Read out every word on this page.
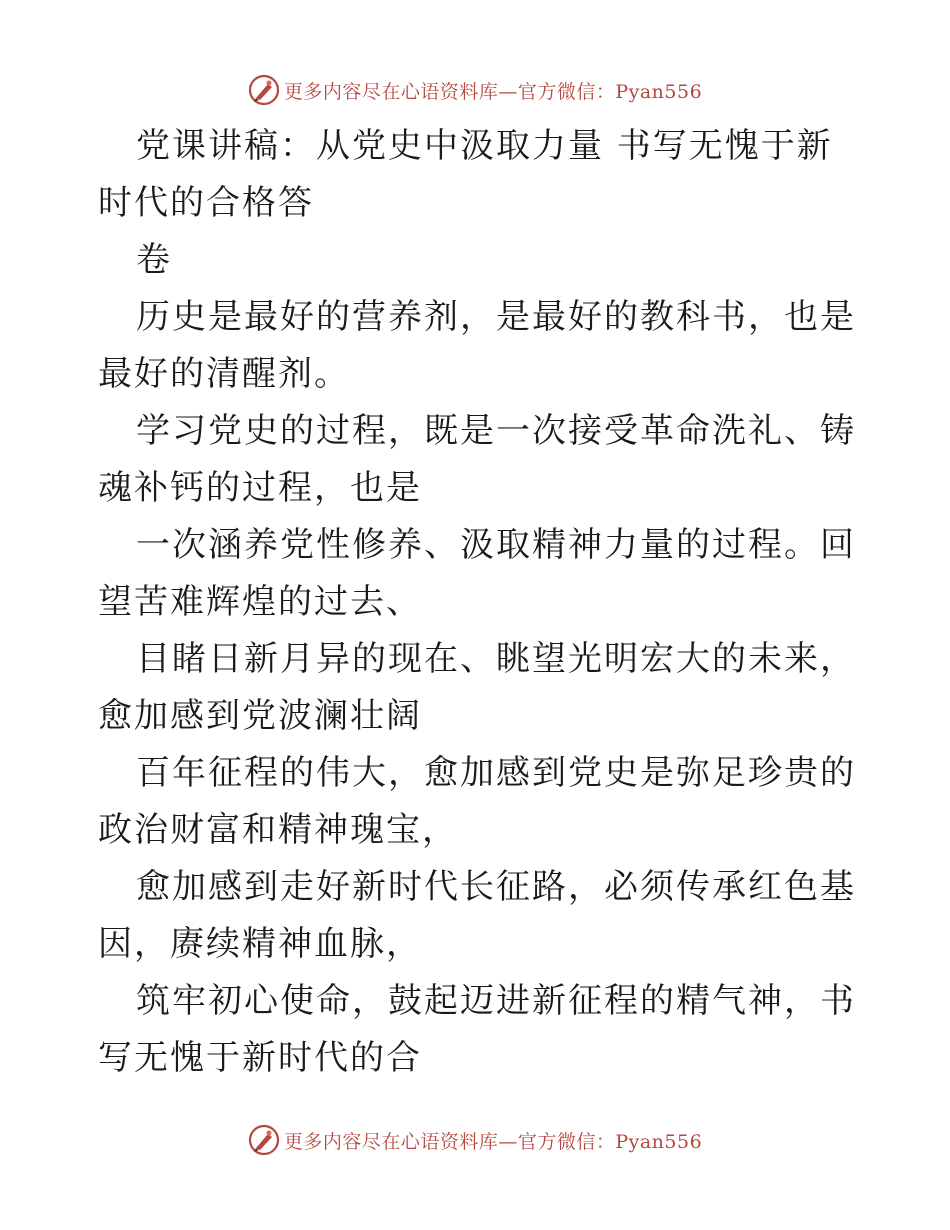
更多内容尽在心语资料库—官方微信：Pyan556

党课讲稿：从党史中汲取力量 书写无愧于新时代的合格答

卷

历史是最好的营养剂，是最好的教科书，也是最好的清醒剂。

学习党史的过程，既是一次接受革命洗礼、铸魂补钙的过程，也是

一次涵养党性修养、汲取精神力量的过程。回望苦难辉煌的过去、

目睹日新月异的现在、眺望光明宏大的未来，愈加感到党波澜壮阔

百年征程的伟大，愈加感到党史是弥足珍贵的政治财富和精神瑰宝，

愈加感到走好新时代长征路，必须传承红色基因，赓续精神血脉，

筑牢初心使命，鼓起迈进新征程的精气神，书写无愧于新时代的合

更多内容尽在心语资料库—官方微信：Pyan556
